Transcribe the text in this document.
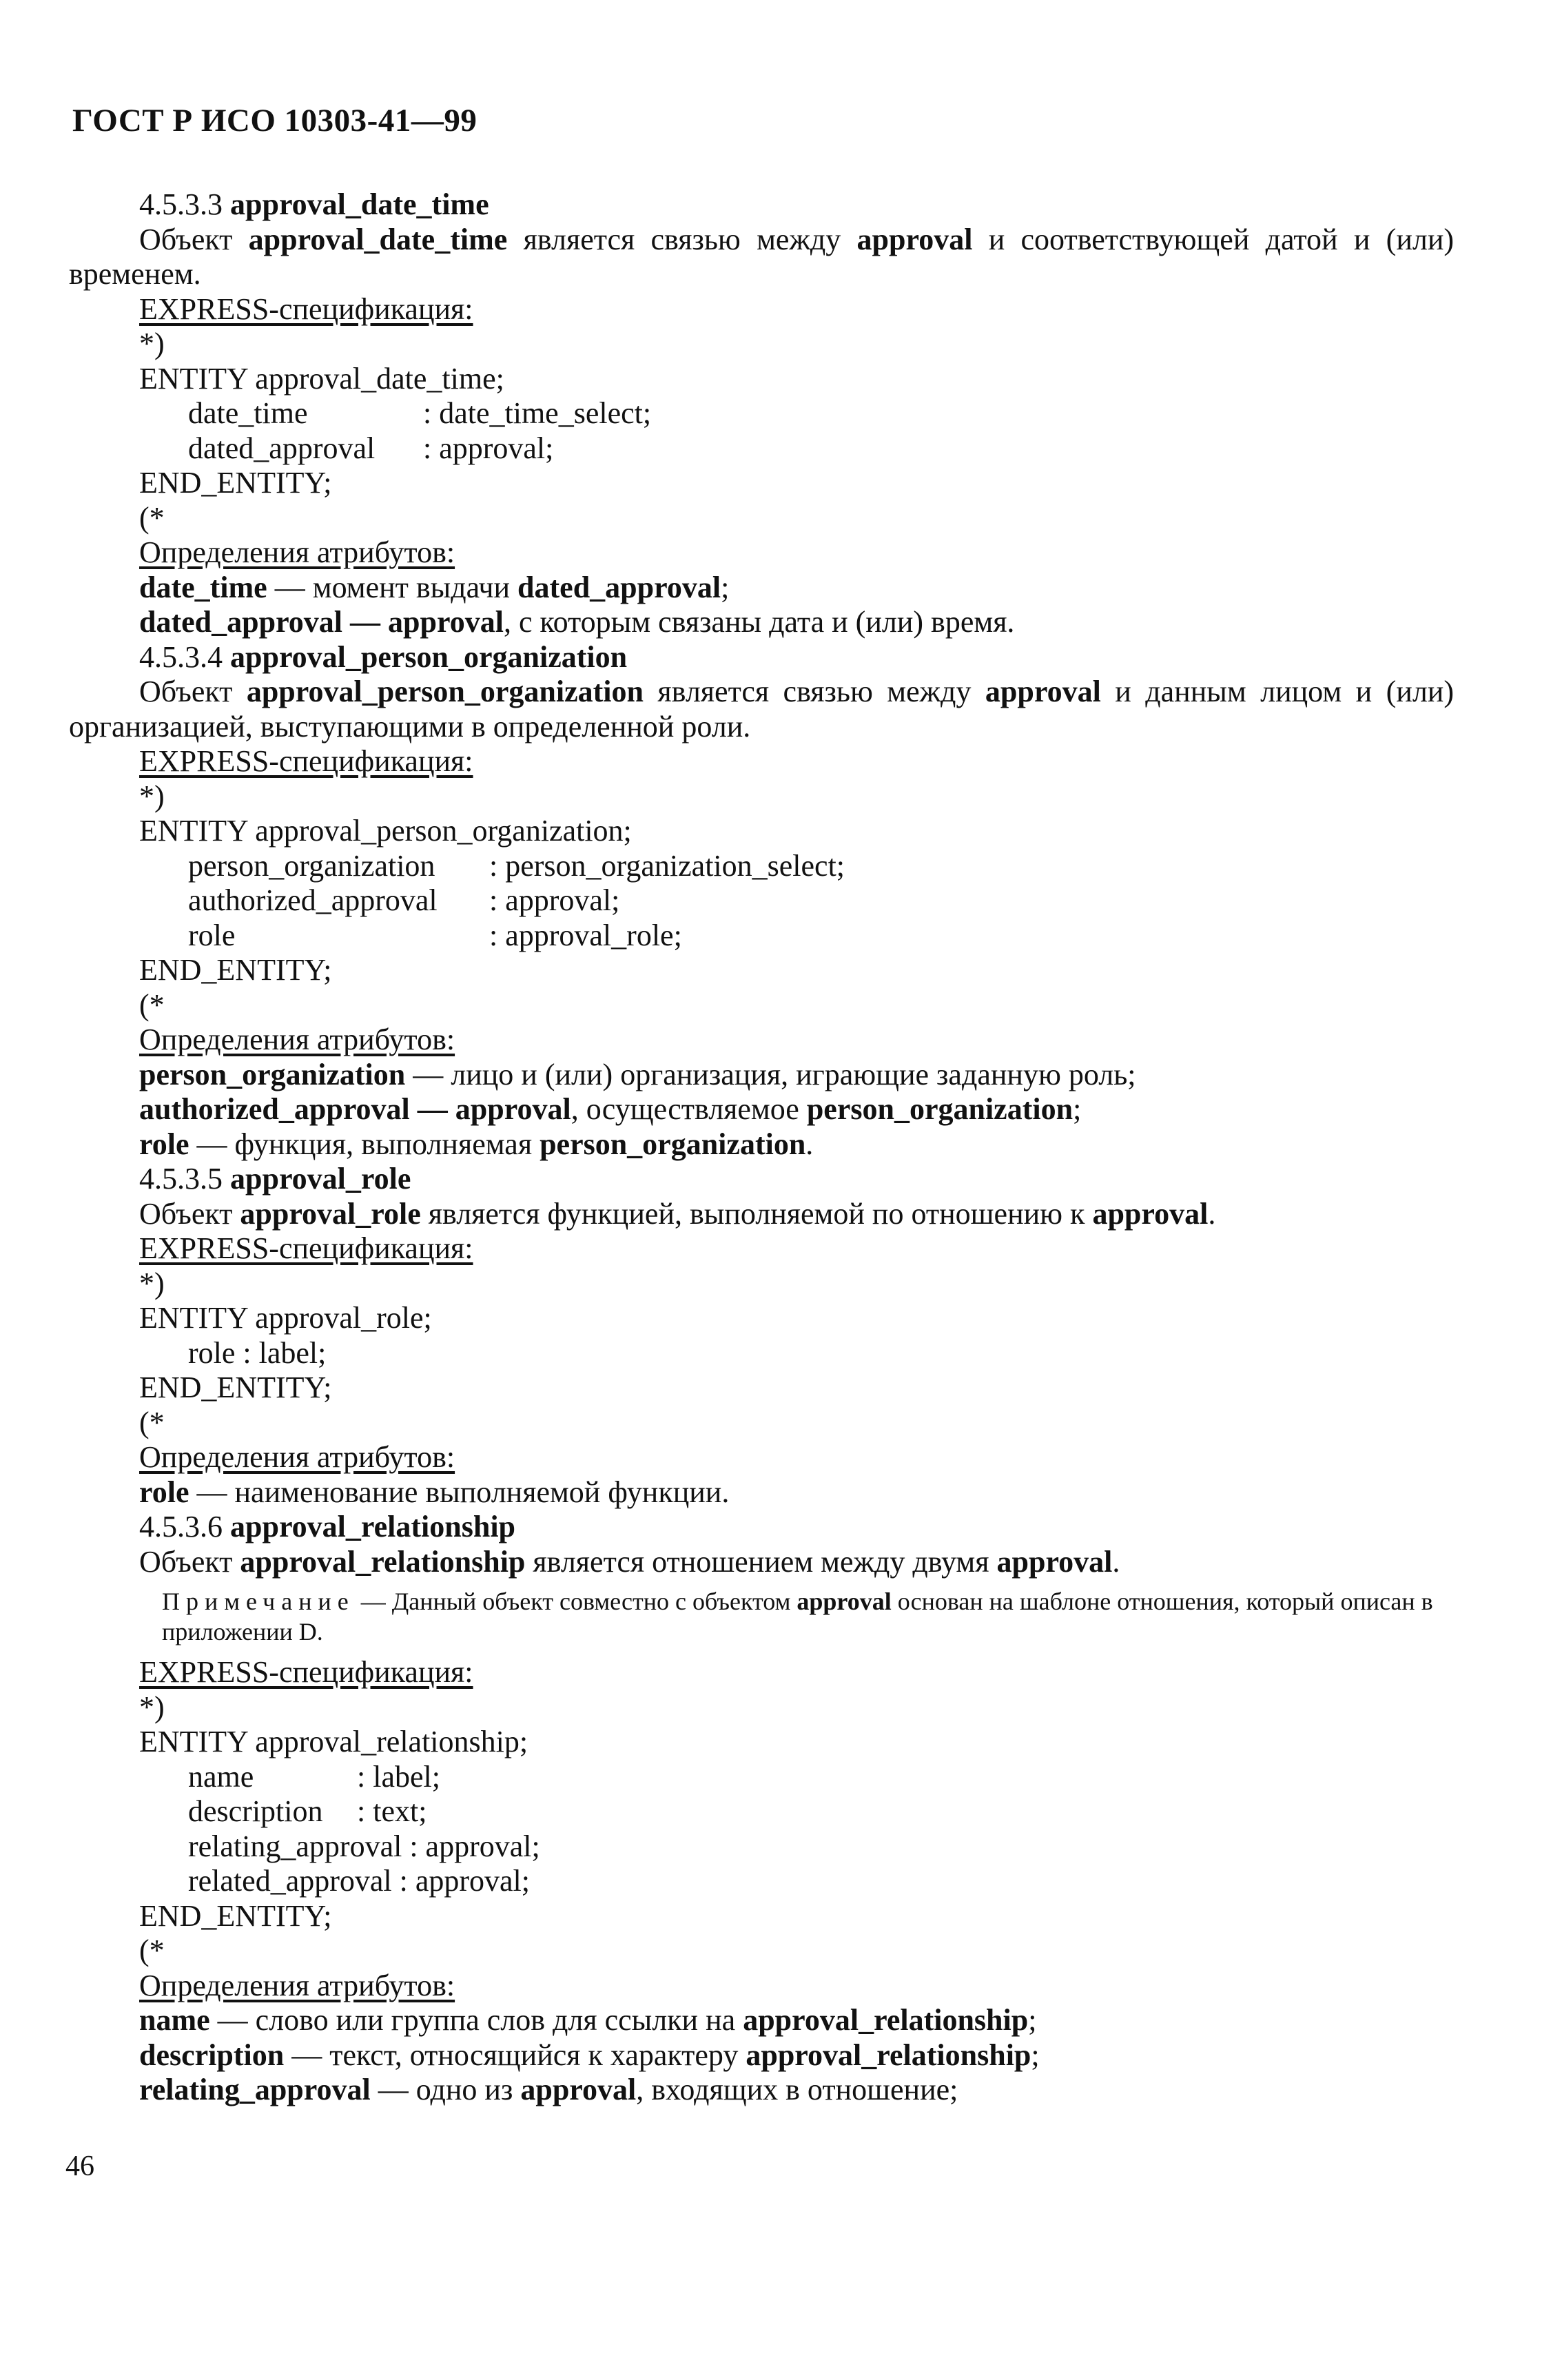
ГОСТ Р ИСО 10303-41—99
4.5.3.3 approval_date_time
Объект approval_date_time является связью между approval и соответствующей датой и (или) временем.
EXPRESS-спецификация:
*)
ENTITY approval_date_time;
date_time	: date_time_select;
dated_approval : approval;
END_ENTITY;
(*
Определения атрибутов:
date_time — момент выдачи dated_approval;
dated_approval — approval, с которым связаны дата и (или) время.
4.5.3.4 approval_person_organization
Объект approval_person_organization является связью между approval и данным лицом и (или) организацией, выступающими в определенной роли.
EXPRESS-спецификация:
*)
ENTITY approval_person_organization;
person_organization : person_organization_select;
authorized_approval : approval;
role	: approval_role;
END_ENTITY;
(*
Определения атрибутов:
person_organization — лицо и (или) организация, играющие заданную роль;
authorized_approval — approval, осуществляемое person_organization;
role — функция, выполняемая person_organization.
4.5.3.5 approval_role
Объект approval_role является функцией, выполняемой по отношению к approval.
EXPRESS-спецификация:
*)
ENTITY approval_role;
role : label;
END_ENTITY;
(*
Определения атрибутов:
role — наименование выполняемой функции.
4.5.3.6 approval_relationship
Объект approval_relationship является отношением между двумя approval.
Примечание — Данный объект совместно с объектом approval основан на шаблоне отношения, который описан в приложении D.
EXPRESS-спецификация:
*)
ENTITY approval_relationship;
name	: label;
description : text;
relating_approval : approval;
related_approval : approval;
END_ENTITY;
(*
Определения атрибутов:
name — слово или группа слов для ссылки на approval_relationship;
description — текст, относящийся к характеру approval_relationship;
relating_approval — одно из approval, входящих в отношение;
46
